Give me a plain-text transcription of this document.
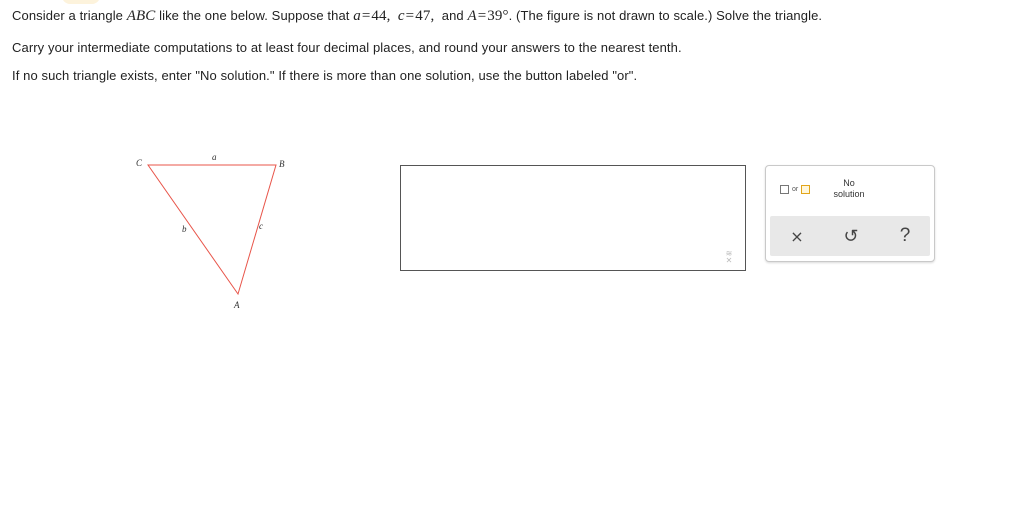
Consider a triangle ABC like the one below. Suppose that a=44, c=47, and A=39°. (The figure is not drawn to scale.) Solve the triangle.
Carry your intermediate computations to at least four decimal places, and round your answers to the nearest tenth.
If no such triangle exists, enter "No solution." If there is more than one solution, use the button labeled "or".
C	B
A
a
b	c
≋
✕
or
No
solution
×	↺	?
